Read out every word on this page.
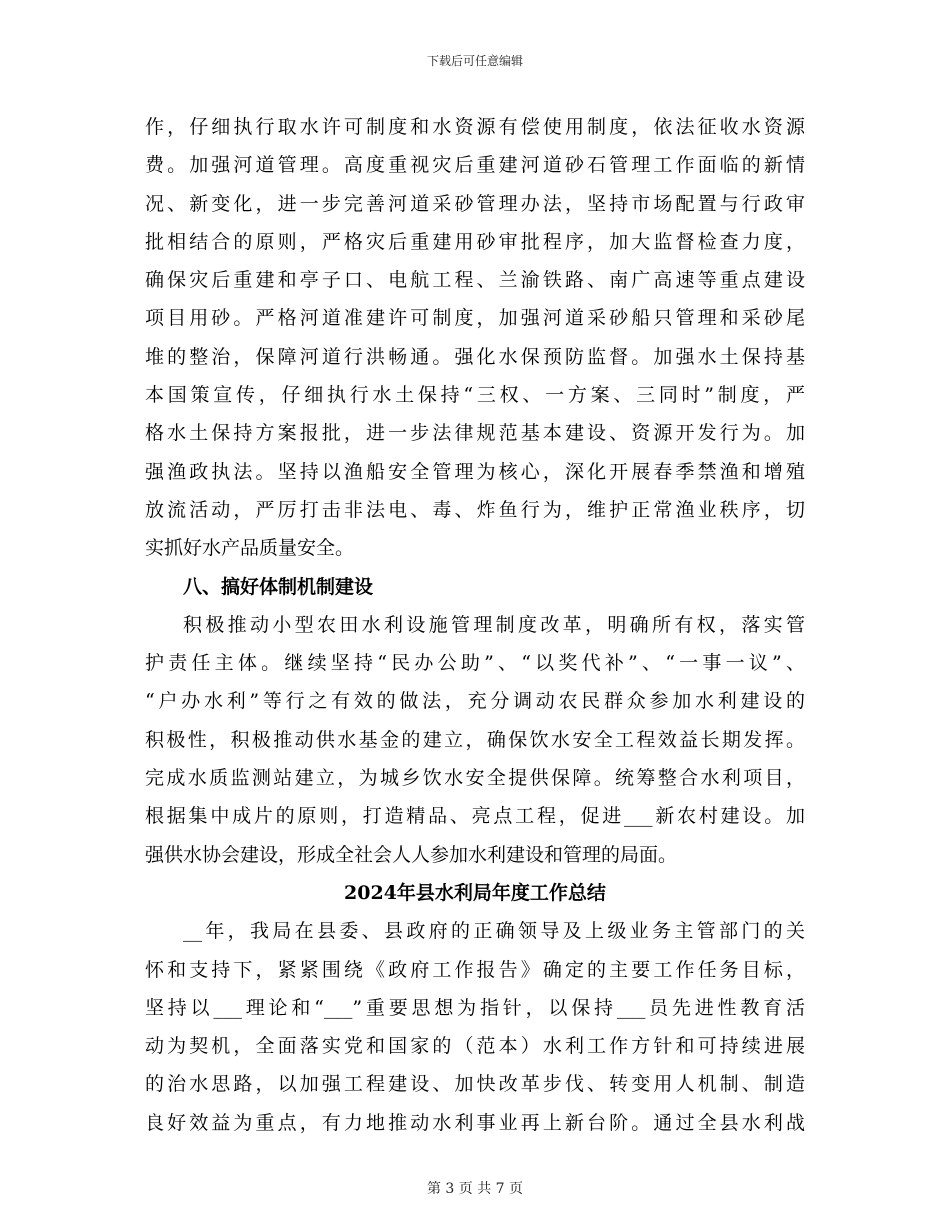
下载后可任意编辑
作，仔细执行取水许可制度和水资源有偿使用制度，依法征收水资源
费。加强河道管理。高度重视灾后重建河道砂石管理工作面临的新情
况、新变化，进一步完善河道采砂管理办法，坚持市场配置与行政审
批相结合的原则，严格灾后重建用砂审批程序，加大监督检查力度，
确保灾后重建和亭子口、电航工程、兰渝铁路、南广高速等重点建设
项目用砂。严格河道准建许可制度，加强河道采砂船只管理和采砂尾
堆的整治，保障河道行洪畅通。强化水保预防监督。加强水土保持基
本国策宣传，仔细执行水土保持“三权、一方案、三同时”制度，严
格水土保持方案报批，进一步法律规范基本建设、资源开发行为。加
强渔政执法。坚持以渔船安全管理为核心，深化开展春季禁渔和增殖
放流活动，严厉打击非法电、毒、炸鱼行为，维护正常渔业秩序，切
实抓好水产品质量安全。
八、搞好体制机制建设
积极推动小型农田水利设施管理制度改革，明确所有权，落实管
护责任主体。继续坚持“民办公助”、“以奖代补”、“一事一议”、
“户办水利”等行之有效的做法，充分调动农民群众参加水利建设的
积极性，积极推动供水基金的建立，确保饮水安全工程效益长期发挥。
完成水质监测站建立，为城乡饮水安全提供保障。统筹整合水利项目，
根据集中成片的原则，打造精品、亮点工程，促进___新农村建设。加
强供水协会建设，形成全社会人人参加水利建设和管理的局面。
2024年县水利局年度工作总结
__年，我局在县委、县政府的正确领导及上级业务主管部门的关
怀和支持下，紧紧围绕《政府工作报告》确定的主要工作任务目标，
坚持以___理论和“___”重要思想为指针，以保持___员先进性教育活
动为契机，全面落实党和国家的（范本）水利工作方针和可持续进展
的治水思路，以加强工程建设、加快改革步伐、转变用人机制、制造
良好效益为重点，有力地推动水利事业再上新台阶。通过全县水利战
第 3 页 共 7 页
